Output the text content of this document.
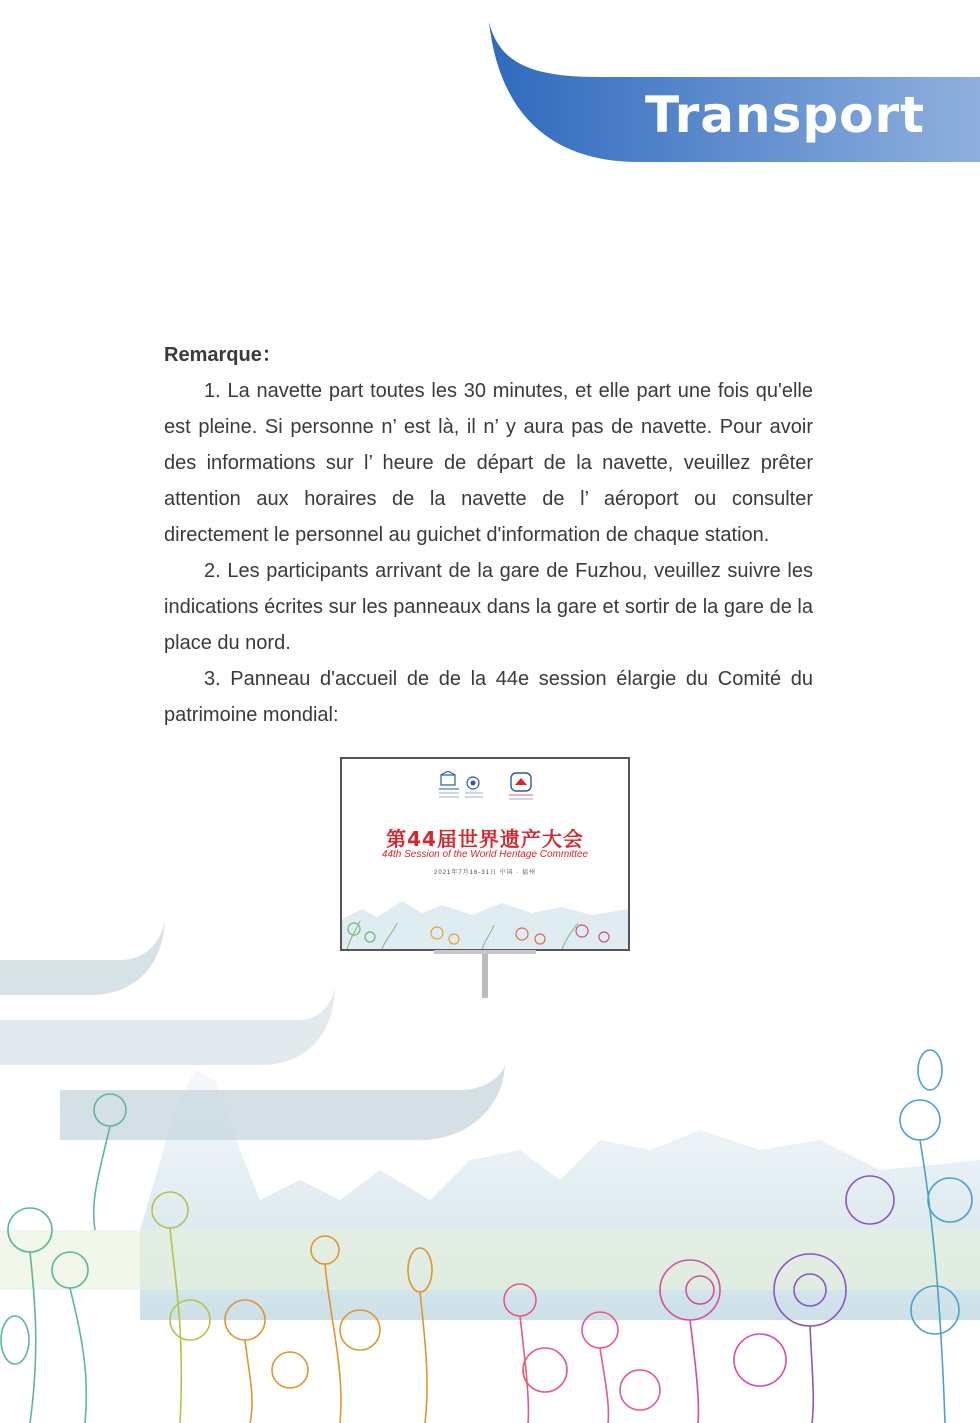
Transport

Remarque：

1. La navette part toutes les 30 minutes, et elle part une fois qu'elle est pleine. Si personne n’ est là, il n’ y aura pas de navette. Pour avoir des informations sur l’ heure de départ de la navette, veuillez prêter attention aux horaires de la navette de l’ aéroport ou consulter directement le personnel au guichet d'information de chaque station.

2. Les participants arrivant de la gare de Fuzhou, veuillez suivre les indications écrites sur les panneaux dans la gare et sortir de la gare de la place du nord.

3. Panneau d'accueil de de la 44e session élargie du Comité du patrimoine mondial:

第44届世界遗产大会
44th Session of the World Heritage Committee
2021年7月16-31日 中国 · 福州
